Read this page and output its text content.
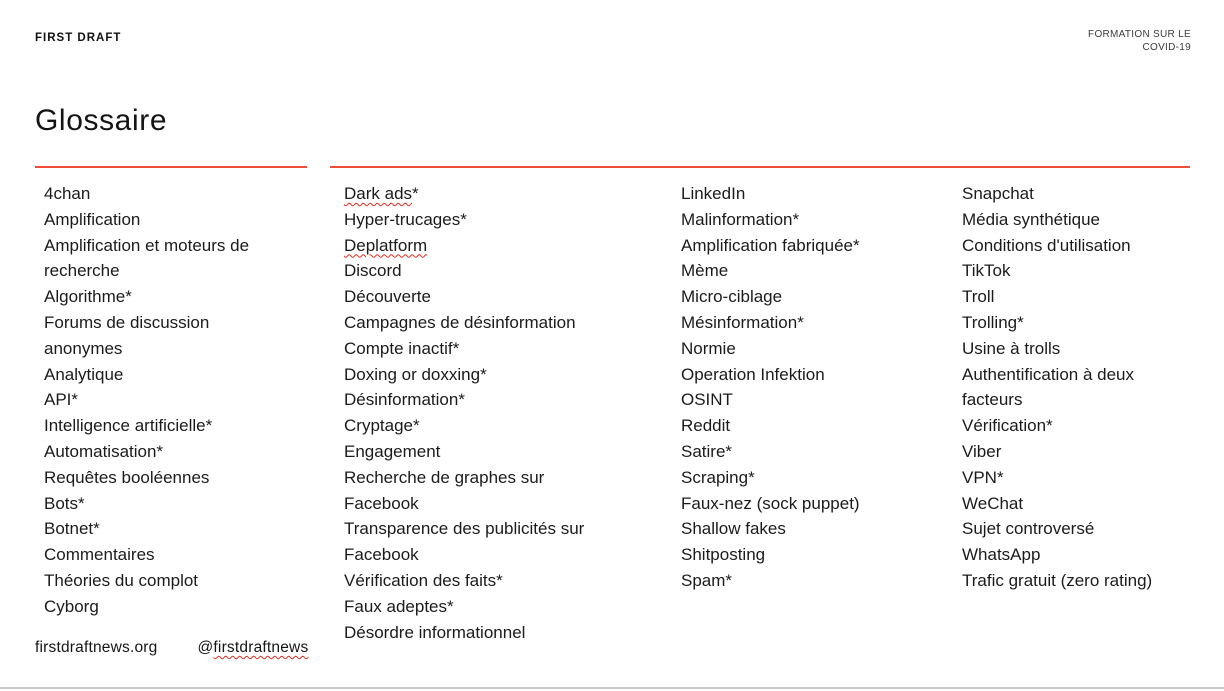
FIRST DRAFT	FORMATION SUR LE
COVID-19
Glossaire
4chan
Amplification
Amplification et moteurs de recherche
Algorithme*
Forums de discussion anonymes
Analytique
API*
Intelligence artificielle*
Automatisation*
Requêtes booléennes
Bots*
Botnet*
Commentaires
Théories du complot
Cyborg
Dark ads*
Hyper-trucages*
Deplatform
Discord
Découverte
Campagnes de désinformation
Compte inactif*
Doxing or doxxing*
Désinformation*
Cryptage*
Engagement
Recherche de graphes sur Facebook
Transparence des publicités sur Facebook
Vérification des faits*
Faux adeptes*
Désordre informationnel
LinkedIn
Malinformation*
Amplification fabriquée*
Mème
Micro-ciblage
Mésinformation*
Normie
Operation Infektion
OSINT
Reddit
Satire*
Scraping*
Faux-nez (sock puppet)
Shallow fakes
Shitposting
Spam*
Snapchat
Média synthétique
Conditions d'utilisation
TikTok
Troll
Trolling*
Usine à trolls
Authentification à deux facteurs
Vérification*
Viber
VPN*
WeChat
Sujet controversé
WhatsApp
Trafic gratuit (zero rating)
firstdraftnews.org	@firstdraftnews
